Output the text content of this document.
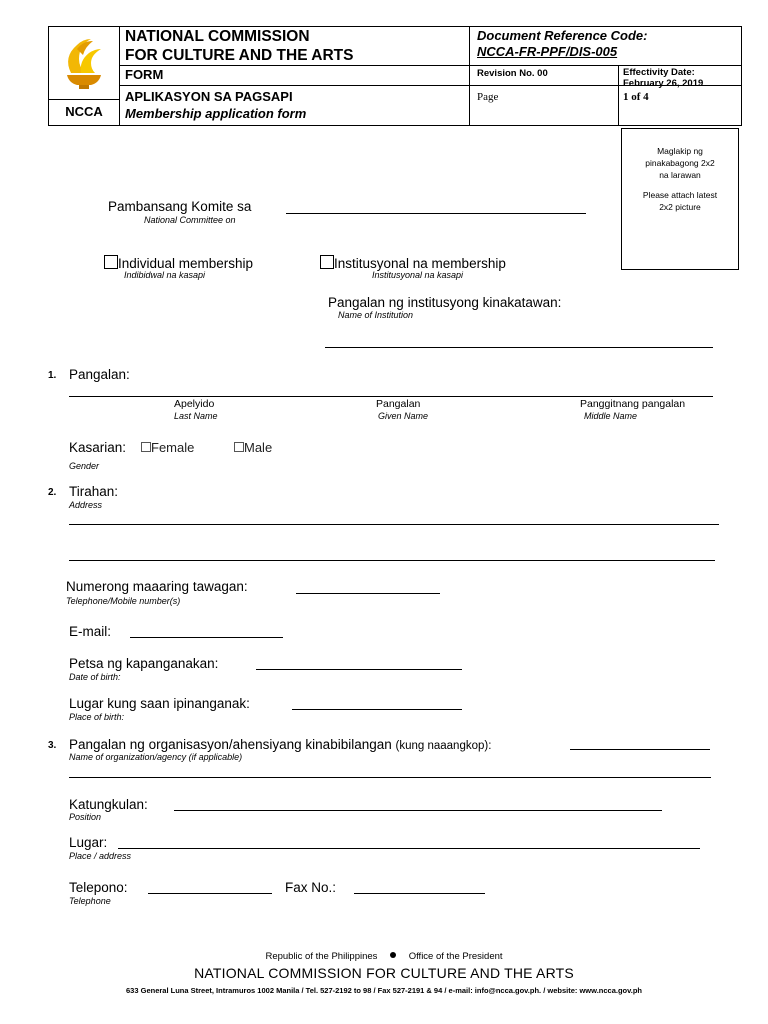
NCCA
NATIONAL COMMISSION
FOR CULTURE AND THE ARTS
FORM
APLIKASYON SA PAGSAPI
Membership application form
Document Reference Code:
NCCA-FR-PPF/DIS-005
Revision No. 00	Effectivity Date:
February 26, 2019
Page	1 of 4
Maglakip ng
pinakabagong 2x2
na larawan
Please attach latest
2x2 picture
Pambansang Komite sa
National Committee on
Individual membership
Indibidwal na kasapi
Institusyonal na membership
Institusyonal na kasapi
Pangalan ng institusyong kinakatawan:
Name of Institution
1. Pangalan:
Apelyido
Last Name
Pangalan
Given Name
Panggitnang pangalan
Middle Name
Kasarian:	Female	Male
Gender
2. Tirahan:
Address
Numerong maaaring tawagan:
Telephone/Mobile number(s)
E-mail:
Petsa ng kapanganakan:
Date of birth:
Lugar kung saan ipinanganak:
Place of birth:
3. Pangalan ng organisasyon/ahensiyang kinabibilangan (kung naaangkop):
Name of organization/agency (if applicable)
Katungkulan:
Position
Lugar:
Place / address
Telepono:
Telephone
Fax No.:
Republic of the Philippines	Office of the President
NATIONAL COMMISSION FOR CULTURE AND THE ARTS
633 General Luna Street, Intramuros 1002 Manila / Tel. 527-2192 to 98 / Fax 527-2191 & 94 / e-mail: info@ncca.gov.ph. / website: www.ncca.gov.ph
